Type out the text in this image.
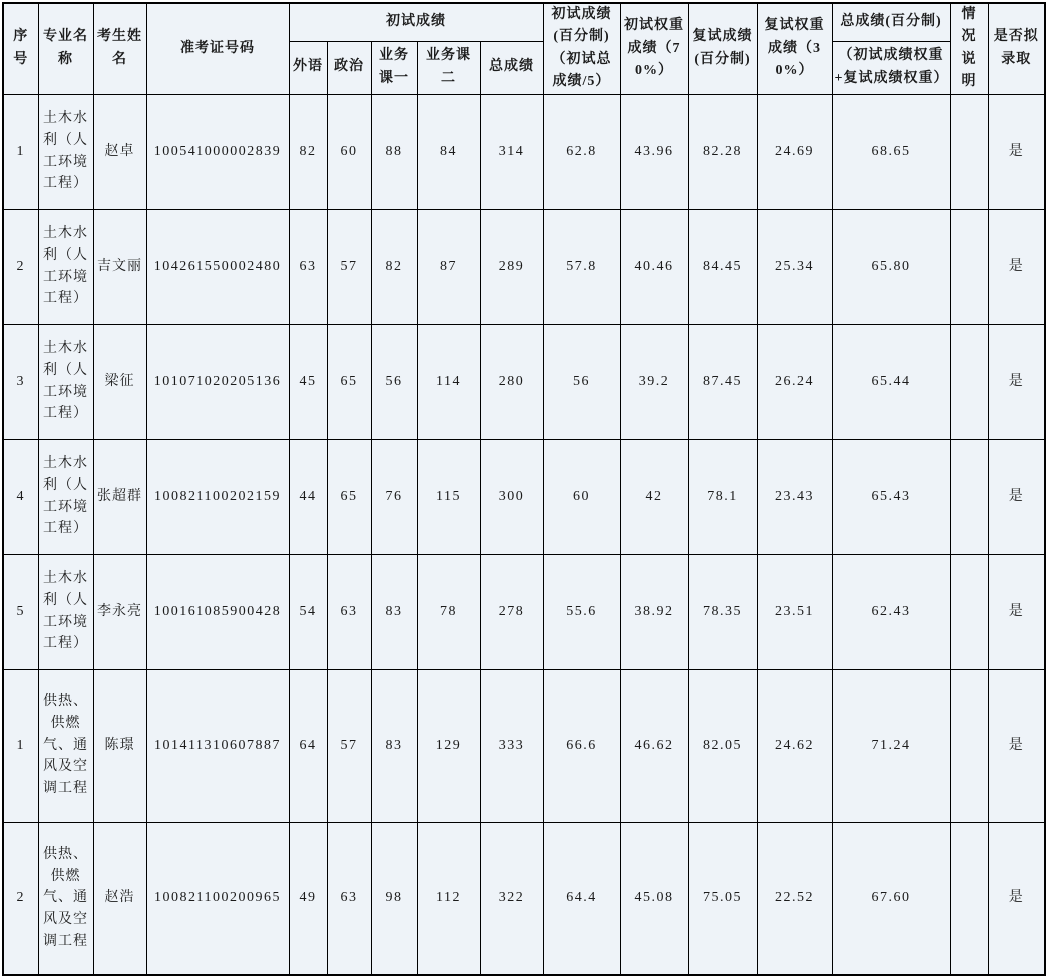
序号	专业名称	考生姓名	准考证号码	初试成绩					初试成绩(百分制)（初试总成绩/5）	初试权重成绩（70%）	复试成绩(百分制)	复试权重成绩（30%）	总成绩(百分制)	情况说明	是否拟录取
				外语	政治	业务课一	业务课二	总成绩					（初试成绩权重+复试成绩权重）		
1	土木水利（人工环境工程）	赵卓	100541000002839	82	60	88	84	314	62.8	43.96	82.28	24.69	68.65		是
2	土木水利（人工环境工程）	吉文丽	104261550002480	63	57	82	87	289	57.8	40.46	84.45	25.34	65.80		是
3	土木水利（人工环境工程）	梁征	101071020205136	45	65	56	114	280	56	39.2	87.45	26.24	65.44		是
4	土木水利（人工环境工程）	张超群	100821100202159	44	65	76	115	300	60	42	78.1	23.43	65.43		是
5	土木水利（人工环境工程）	李永亮	100161085900428	54	63	83	78	278	55.6	38.92	78.35	23.51	62.43		是
1	供热、供燃气、通风及空调工程	陈璟	101411310607887	64	57	83	129	333	66.6	46.62	82.05	24.62	71.24		是
2	供热、供燃气、通风及空调工程	赵浩	100821100200965	49	63	98	112	322	64.4	45.08	75.05	22.52	67.60		是
